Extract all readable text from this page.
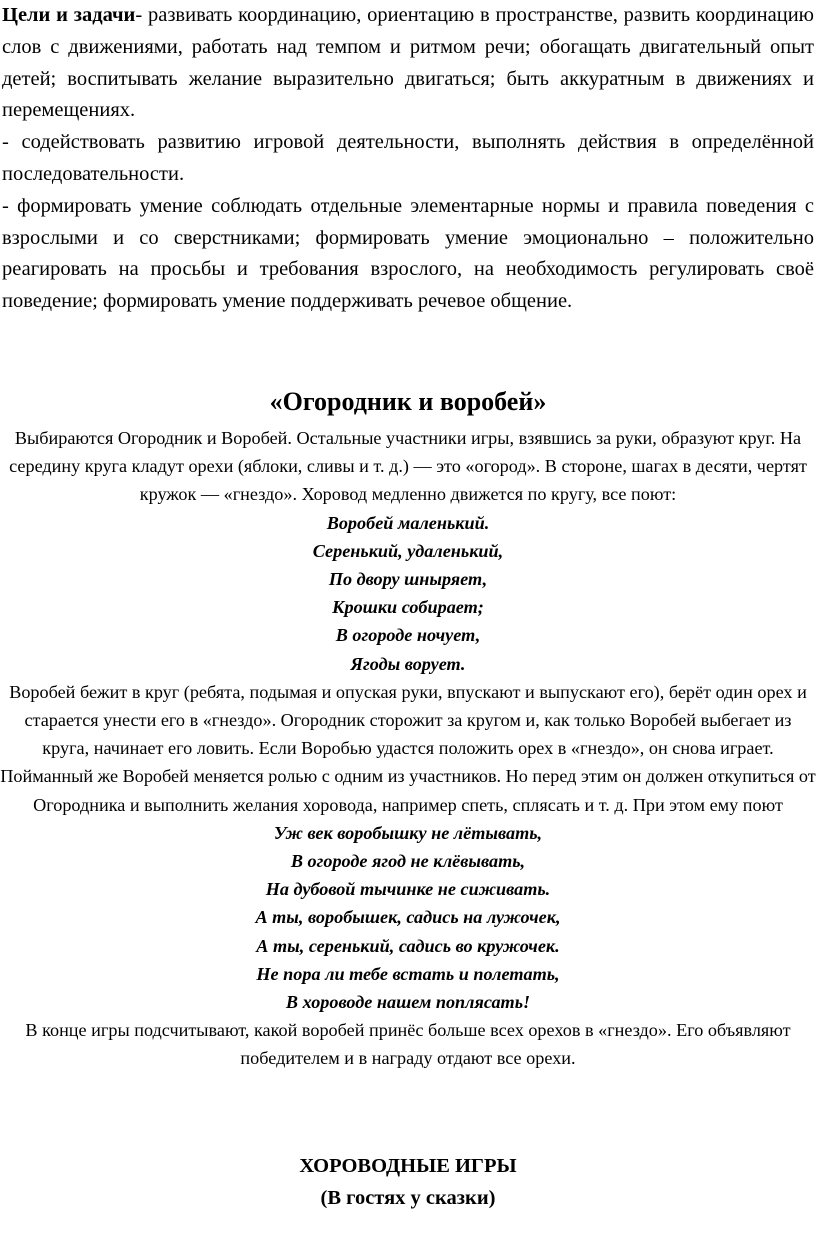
Цели и задачи- развивать координацию, ориентацию в пространстве, развить координацию слов с движениями, работать над темпом и ритмом речи; обогащать двигательный опыт детей; воспитывать желание выразительно двигаться; быть аккуратным в движениях и перемещениях.

- содействовать развитию игровой деятельности, выполнять действия в определённой последовательности.

- формировать умение соблюдать отдельные элементарные нормы и правила поведения с взрослыми и со сверстниками; формировать умение эмоционально – положительно реагировать на просьбы и требования взрослого, на необходимость регулировать своё поведение; формировать умение поддерживать речевое общение.

«Огородник и воробей»

Выбираются Огородник и Воробей. Остальные участники игры, взявшись за руки, образуют круг. На середину круга кладут орехи (яблоки, сливы и т. д.) — это «огород». В стороне, шагах в десяти, чертят кружок — «гнездо». Хоровод медленно движется по кругу, все поют:

Воробей маленький.

Серенький, удаленький,

По двору шныряет,

Крошки собирает;

В огороде ночует,

Ягоды ворует.

Воробей бежит в круг (ребята, подымая и опуская руки, впускают и выпускают его), берёт один орех и старается унести его в «гнездо». Огородник сторожит за кругом и, как только Воробей выбегает из круга, начинает его ловить. Если Воробью удастся положить орех в «гнездо», он снова играет. Пойманный же Воробей меняется ролью с одним из участников. Но перед этим он должен откупиться от Огородника и выполнить желания хоровода, например спеть, сплясать и т. д. При этом ему поют

Уж век воробышку не лётывать,

В огороде ягод не клёвывать,

На дубовой тычинке не сиживать.

А ты, воробышек, садись на лужочек,

А ты, серенький, садись во кружочек.

Не пора ли тебе встать и полетать,

В хороводе нашем поплясать!

В конце игры подсчитывают, какой воробей принёс больше всех орехов в «гнездо». Его объявляют победителем и в награду отдают все орехи.

ХОРОВОДНЫЕ ИГРЫ
(В гостях у сказки)
